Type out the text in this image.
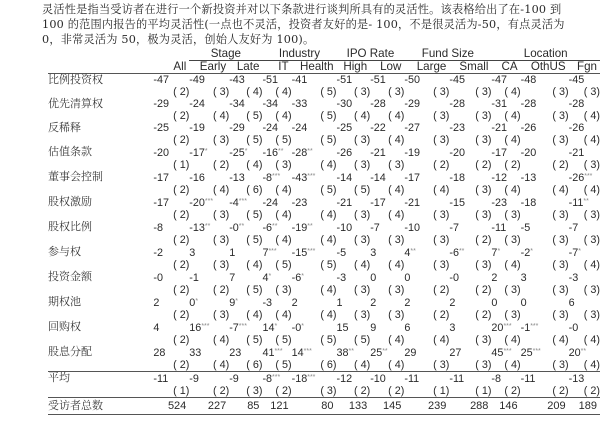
灵活性是指当受访者在进行一个新投资并对以下条款进行谈判所具有的灵活性。该表格给出了在-100 到

100 的范围内报告的平均灵活性(一点也不灵活，投资者友好的是- 100，不是很灵活为-50，有点灵活为

0，非常灵活为 50，极为灵活，创始人友好为 100)。

		Stage		Industry		IPO Rate		Fund Size		Location		
	All	Early	Late	IT	Health	High	Low	Large	Small	CA	OthUS	Fgn
比例投资权	-47	-49	-43	-51	-41	-51	-51	-50	-45	-47	-48	-45
	( 2)	( 3)	( 4)	( 4)	( 5)	( 3)	( 3)	( 3)	( 3)	( 4)	( 3)	( 3)
优先清算权	-29	-24	-34	-34	-33	-30	-28	-29	-28	-31	-28	-28
	( 2)	( 4)	( 5)	( 4)	( 5)	( 4)	( 4)	( 3)	( 3)	( 4)	( 3)	( 4)
反稀释	-25	-19	-29	-24	-24	-25	-22	-27	-23	-21	-26	-26
	( 2)	( 3)	( 5)	( 5)	( 5)	( 3)	( 4)	( 3)	( 3)	( 4)	( 3)	( 4)
估值条款	-20	-17*	-25*	-16**	-28**	-26	-21	-19	-20	-17	-20	-21
	( 1)	( 2)	( 4)	( 3)	( 4)	( 3)	( 3)	( 2)	( 2)	( 2)	( 2)	( 3)
董事会控制	-17	-16	-13	-8***	-43***	-14	-14	-17	-18	-12	-13	-26***
	( 2)	( 4)	( 6)	( 4)	( 5)	( 5)	( 4)	( 4)	( 3)	( 4)	( 4)	( 4)
股权激励	-17	-20***	-4***	-24	-23	-21	-17	-21	-15	-23	-18	-11**
	( 2)	( 3)	( 5)	( 4)	( 4)	( 3)	( 4)	( 3)	( 3)	( 3)	( 3)	( 3)
股权比例	-8	-13**	-0**	-6**	-19**	-10	-7	-10	-7	-11	-5	-7
	( 2)	( 3)	( 5)	( 4)	( 4)	( 3)	( 3)	( 3)	( 2)	( 3)	( 3)	( 3)
参与权	-2	3	1	7***	-15***	-5	3	4**	-6**	7*	-2*	-7*
	( 2)	( 3)	( 4)	( 5)	( 5)	( 4)	( 4)	( 3)	( 3)	( 4)	( 3)	( 4)
投资金额	-0	-1	7	4*	-6*	-3	0	0	-0	2	3	-3
	( 2)	( 2)	( 5)	( 3)	( 4)	( 3)	( 3)	( 2)	( 2)	( 3)	( 3)	( 3)
期权池	2	0*	9*	-3	2	1	2	2	2	0	0	6
	( 2)	( 3)	( 4)	( 4)	( 4)	( 3)	( 3)	( 2)	( 2)	( 3)	( 3)	( 3)
回购权	4	16***	-7***	14*	-0*	15	9	6	3	20***	-1***	-0
	( 2)	( 4)	( 5)	( 5)	( 5)	( 5)	( 4)	( 4)	( 3)	( 4)	( 4)	( 4)
股息分配	28	33	23	41***	14***	38**	25**	29	27	45***	25***	20**
	( 2)	( 4)	( 6)	( 5)	( 6)	( 4)	( 4)	( 3)	( 3)	( 4)	( 3)	( 4)
平均	-11	-9	-9	-8***	-18***	-12	-10	-11	-11	-8	-11	-13
	( 1)	( 2)	( 3)	( 2)	( 3)	( 2)	( 2)	( 1)	( 1)	( 2)	( 2)	( 2)
受访者总数	524	227	85	121	80	133	145	239	288	146	209	189
